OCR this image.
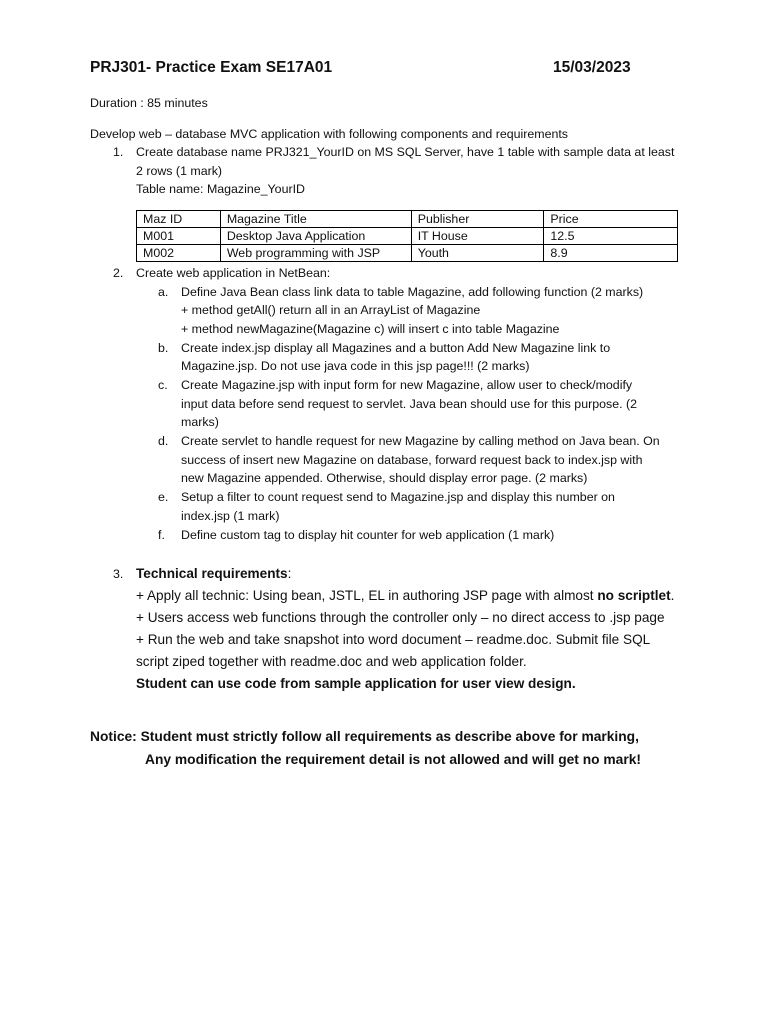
PRJ301- Practice Exam SE17A01	15/03/2023
Duration : 85 minutes
Develop web – database MVC application with following components and requirements
1. Create database name PRJ321_YourID on MS SQL Server, have 1 table with sample data at least
2 rows (1 mark)
Table name: Magazine_YourID
Maz ID	Magazine Title	Publisher	Price
M001	Desktop Java Application	IT House	12.5
M002	Web programming with JSP	Youth	8.9
2. Create web application in NetBean:
a. Define Java Bean class link data to table Magazine, add following function (2 marks)
+ method getAll() return all in an ArrayList of Magazine
+ method newMagazine(Magazine c) will insert c into table Magazine
b. Create index.jsp display all Magazines and a button Add New Magazine link to
Magazine.jsp. Do not use java code in this jsp page!!! (2 marks)
c. Create Magazine.jsp with input form for new Magazine, allow user to check/modify
input data before send request to servlet. Java bean should use for this purpose. (2
marks)
d. Create servlet to handle request for new Magazine by calling method on Java bean. On
success of insert new Magazine on database, forward request back to index.jsp with
new Magazine appended. Otherwise, should display error page. (2 marks)
e. Setup a filter to count request send to Magazine.jsp and display this number on
index.jsp (1 mark)
f. Define custom tag to display hit counter for web application (1 mark)
3. Technical requirements:
+ Apply all technic: Using bean, JSTL, EL in authoring JSP page with almost no scriptlet.
+ Users access web functions through the controller only – no direct access to .jsp page
+ Run the web and take snapshot into word document – readme.doc. Submit file SQL
script ziped together with readme.doc and web application folder.
Student can use code from sample application for user view design.
Notice: Student must strictly follow all requirements as describe above for marking,
Any modification the requirement detail is not allowed and will get no mark!
